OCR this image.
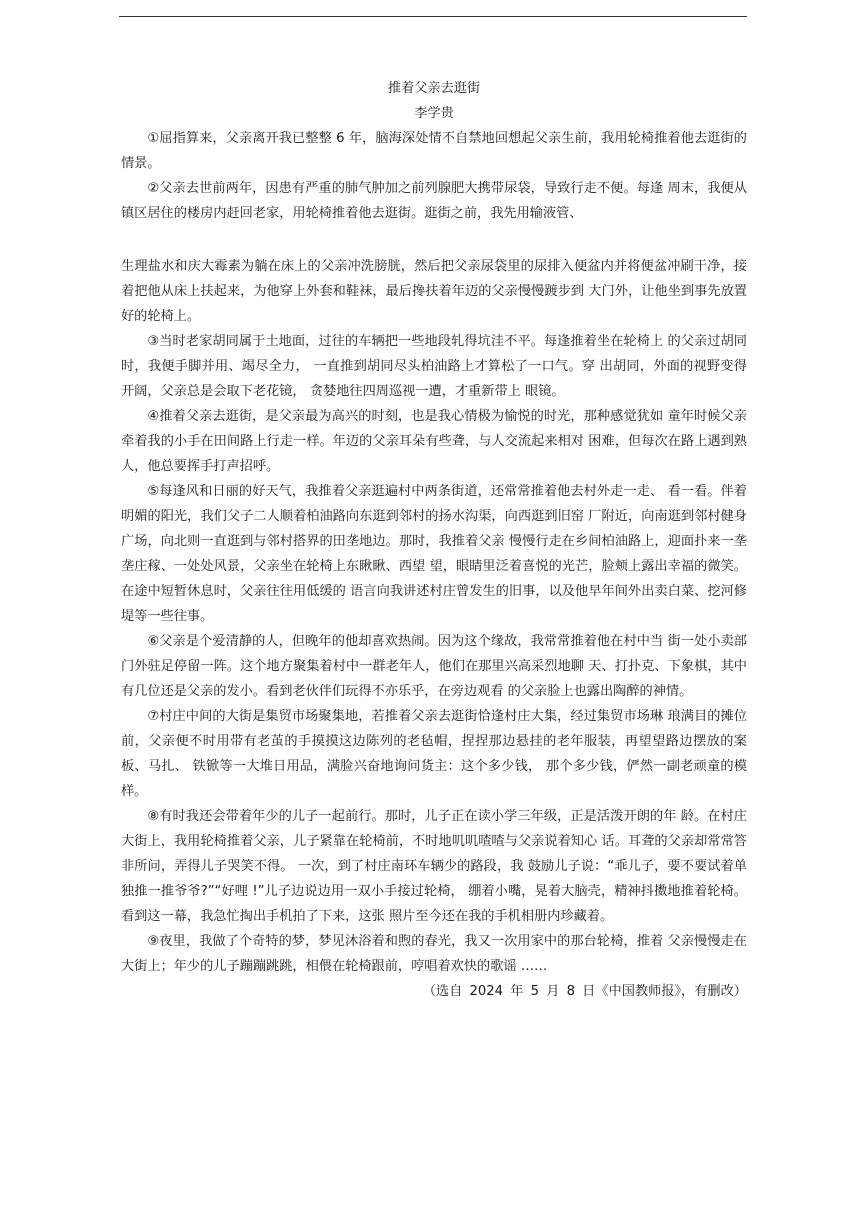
推着父亲去逛街

李学贵

①屈指算来，父亲离开我已整整 6 年，脑海深处情不自禁地回想起父亲生前，我用轮椅推着他去逛街的情景。

②父亲去世前两年，因患有严重的肺气肿加之前列腺肥大携带尿袋，导致行走不便。每逢 周末，我便从镇区居住的楼房内赶回老家，用轮椅推着他去逛街。逛街之前，我先用输液管、

生理盐水和庆大霉素为躺在床上的父亲冲洗膀胱，然后把父亲尿袋里的尿排入便盆内并将便盆冲刷干净，接着把他从床上扶起来，为他穿上外套和鞋袜，最后搀扶着年迈的父亲慢慢踱步到 大门外，让他坐到事先放置好的轮椅上。

③当时老家胡同属于土地面，过往的车辆把一些地段轧得坑洼不平。每逢推着坐在轮椅上 的父亲过胡同时，我便手脚并用、竭尽全力， 一直推到胡同尽头柏油路上才算松了一口气。穿 出胡同，外面的视野变得开阔，父亲总是会取下老花镜， 贪婪地往四周巡视一遭，才重新带上 眼镜。

④推着父亲去逛街，是父亲最为高兴的时刻，也是我心情极为愉悦的时光，那种感觉犹如 童年时候父亲牵着我的小手在田间路上行走一样。年迈的父亲耳朵有些聋，与人交流起来相对 困难，但每次在路上遇到熟人，他总要挥手打声招呼。

⑤每逢风和日丽的好天气，我推着父亲逛遍村中两条街道，还常常推着他去村外走一走、 看一看。伴着明媚的阳光，我们父子二人顺着柏油路向东逛到邻村的扬水沟渠，向西逛到旧窑 厂附近，向南逛到邻村健身广场，向北则一直逛到与邻村搭界的田垄地边。那时，我推着父亲 慢慢行走在乡间柏油路上，迎面扑来一垄垄庄稼、一处处风景，父亲坐在轮椅上东瞅瞅、西望 望，眼睛里泛着喜悦的光芒，脸颊上露出幸福的微笑。在途中短暂休息时，父亲往往用低缓的 语言向我讲述村庄曾发生的旧事，以及他早年间外出卖白菜、挖河修堤等一些往事。

⑥父亲是个爱清静的人，但晚年的他却喜欢热闹。因为这个缘故，我常常推着他在村中当 街一处小卖部门外驻足停留一阵。这个地方聚集着村中一群老年人，他们在那里兴高采烈地聊 天、打扑克、下象棋，其中有几位还是父亲的发小。看到老伙伴们玩得不亦乐乎，在旁边观看 的父亲脸上也露出陶醉的神情。

⑦村庄中间的大街是集贸市场聚集地，若推着父亲去逛街恰逢村庄大集，经过集贸市场琳 琅满目的摊位前，父亲便不时用带有老茧的手摸摸这边陈列的老毡帽，捏捏那边悬挂的老年服装，再望望路边摆放的案板、马扎、 铁锨等一大堆日用品，满脸兴奋地询问货主：这个多少钱， 那个多少钱，俨然一副老顽童的模样。

⑧有时我还会带着年少的儿子一起前行。那时，儿子正在读小学三年级，正是活泼开朗的年 龄。在村庄大街上，我用轮椅推着父亲，儿子紧靠在轮椅前，不时地叽叽喳喳与父亲说着知心 话。耳聋的父亲却常常答非所问，弄得儿子哭笑不得。 一次，到了村庄南环车辆少的路段，我 鼓励儿子说：“乖儿子，要不要试着单独推一推爷爷?”“好哩 !”儿子边说边用一双小手接过轮椅， 绷着小嘴，晃着大脑壳，精神抖擞地推着轮椅。看到这一幕，我急忙掏出手机拍了下来，这张 照片至今还在我的手机相册内珍藏着。

⑨夜里，我做了个奇特的梦，梦见沐浴着和煦的春光，我又一次用家中的那台轮椅，推着 父亲慢慢走在大街上；年少的儿子蹦蹦跳跳，相偎在轮椅跟前，哼唱着欢快的歌谣 ……

（选自 2024 年 5 月 8 日《中国教师报》，有删改）
